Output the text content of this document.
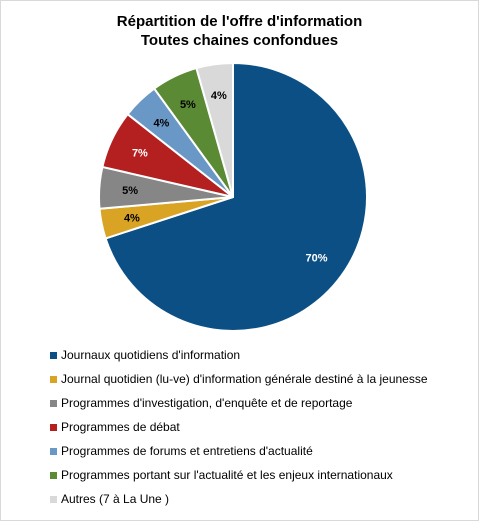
Répartition de l'offre d'information
Toutes chaines confondues
70%
4%
5%
7%
4%
5%
4%
Journaux quotidiens d'information
Journal quotidien (lu-ve) d'information générale destiné à la jeunesse
Programmes d'investigation, d'enquête et de reportage
Programmes de débat
Programmes de forums et entretiens d'actualité
Programmes portant sur l'actualité et les enjeux internationaux
Autres (7 à La Une )
